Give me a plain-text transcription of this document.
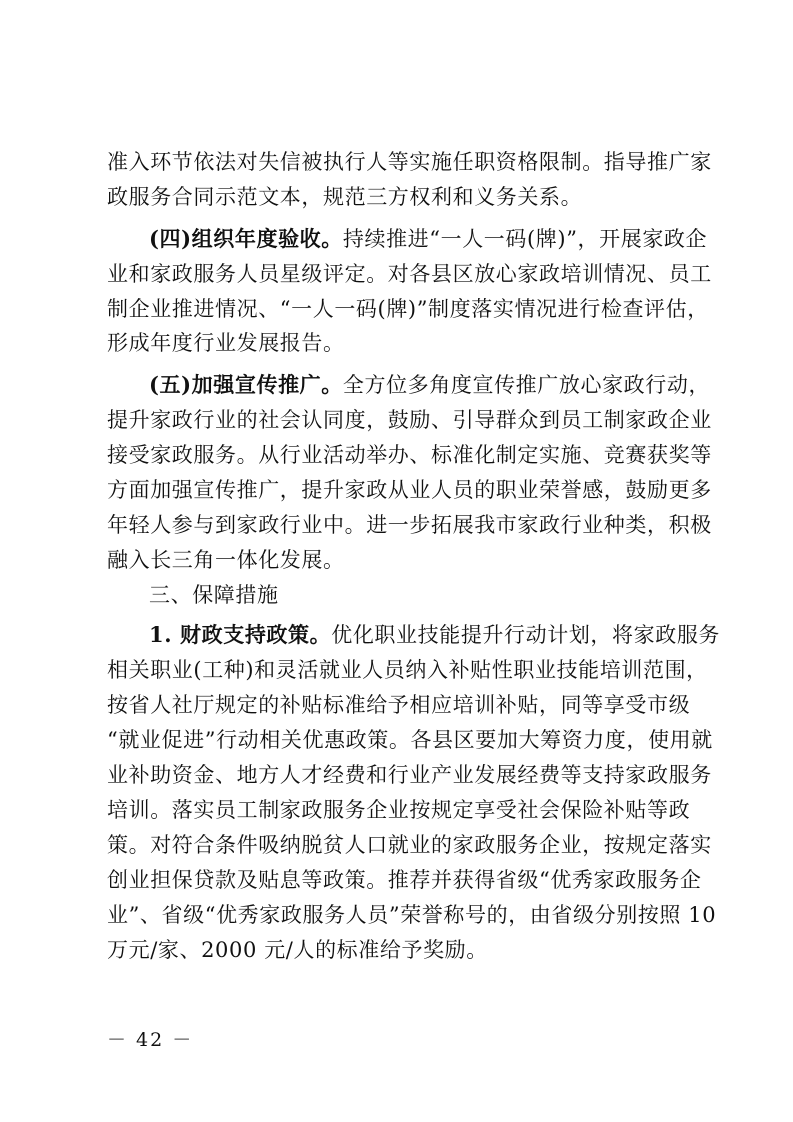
准入环节依法对失信被执行人等实施任职资格限制。指导推广家
政服务合同示范文本，规范三方权利和义务关系。
(四)组织年度验收。持续推进“一人一码(牌)”，开展家政企
业和家政服务人员星级评定。对各县区放心家政培训情况、员工
制企业推进情况、“一人一码(牌)”制度落实情况进行检查评估，
形成年度行业发展报告。
(五)加强宣传推广。全方位多角度宣传推广放心家政行动，
提升家政行业的社会认同度，鼓励、引导群众到员工制家政企业
接受家政服务。从行业活动举办、标准化制定实施、竞赛获奖等
方面加强宣传推广，提升家政从业人员的职业荣誉感，鼓励更多
年轻人参与到家政行业中。进一步拓展我市家政行业种类，积极
融入长三角一体化发展。
三、保障措施
1. 财政支持政策。优化职业技能提升行动计划，将家政服务
相关职业(工种)和灵活就业人员纳入补贴性职业技能培训范围，
按省人社厅规定的补贴标准给予相应培训补贴，同等享受市级
“就业促进”行动相关优惠政策。各县区要加大筹资力度，使用就
业补助资金、地方人才经费和行业产业发展经费等支持家政服务
培训。落实员工制家政服务企业按规定享受社会保险补贴等政
策。对符合条件吸纳脱贫人口就业的家政服务企业，按规定落实
创业担保贷款及贴息等政策。推荐并获得省级“优秀家政服务企
业”、省级“优秀家政服务人员”荣誉称号的，由省级分别按照 10
万元/家、2000 元/人的标准给予奖励。
－ 42 －
